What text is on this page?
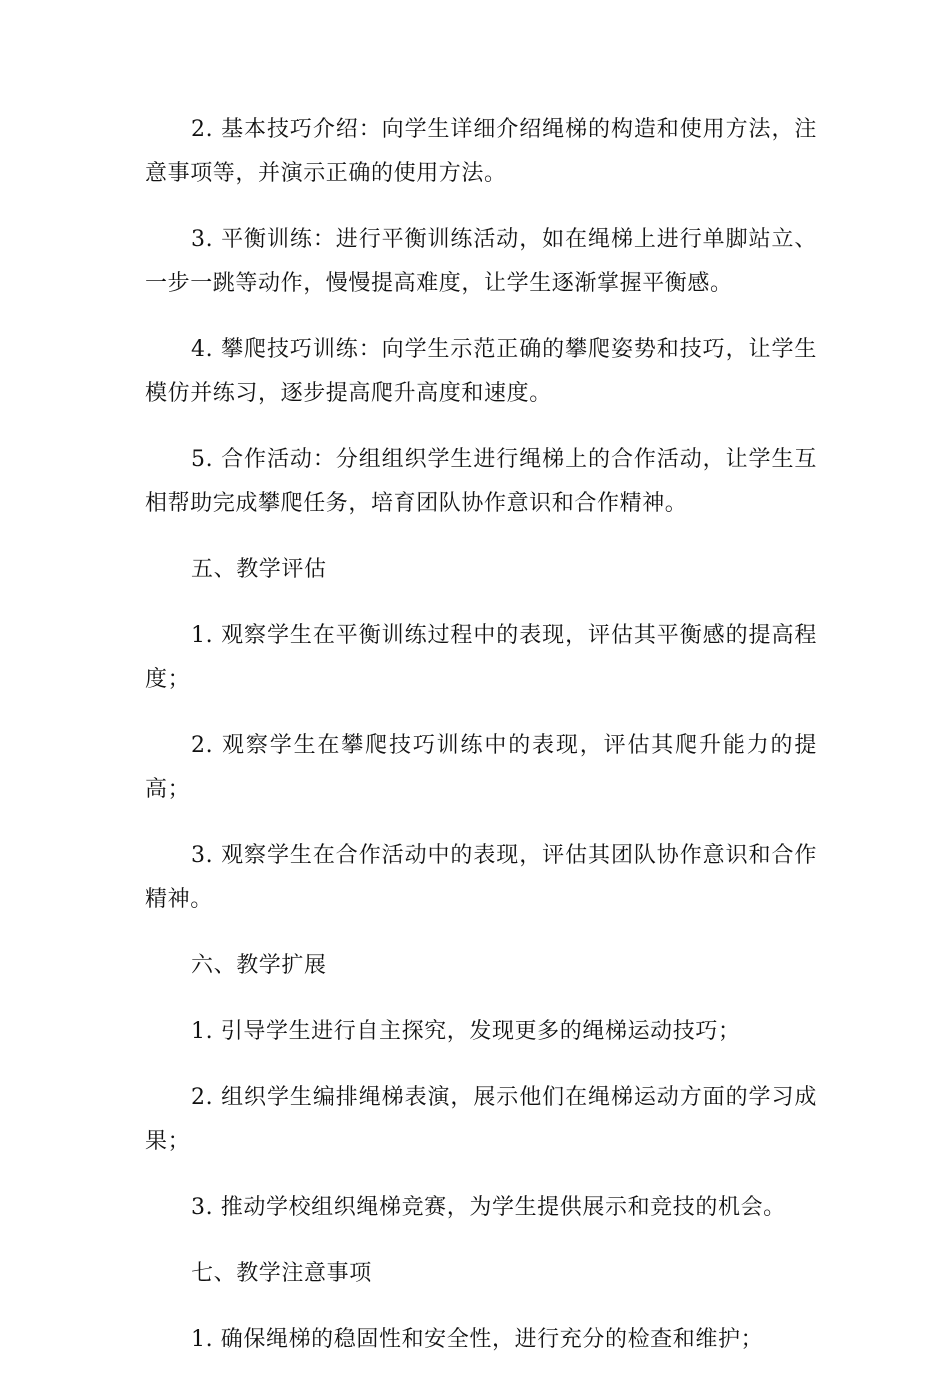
2. 基本技巧介绍：向学生详细介绍绳梯的构造和使用方法，注意事项等，并演示正确的使用方法。

3. 平衡训练：进行平衡训练活动，如在绳梯上进行单脚站立、一步一跳等动作，慢慢提高难度，让学生逐渐掌握平衡感。

4. 攀爬技巧训练：向学生示范正确的攀爬姿势和技巧，让学生模仿并练习，逐步提高爬升高度和速度。

5. 合作活动：分组组织学生进行绳梯上的合作活动，让学生互相帮助完成攀爬任务，培育团队协作意识和合作精神。

五、教学评估

1. 观察学生在平衡训练过程中的表现，评估其平衡感的提高程度；

2. 观察学生在攀爬技巧训练中的表现，评估其爬升能力的提高；

3. 观察学生在合作活动中的表现，评估其团队协作意识和合作精神。

六、教学扩展

1. 引导学生进行自主探究，发现更多的绳梯运动技巧；

2. 组织学生编排绳梯表演，展示他们在绳梯运动方面的学习成果；

3. 推动学校组织绳梯竞赛，为学生提供展示和竞技的机会。

七、教学注意事项

1. 确保绳梯的稳固性和安全性，进行充分的检查和维护；
